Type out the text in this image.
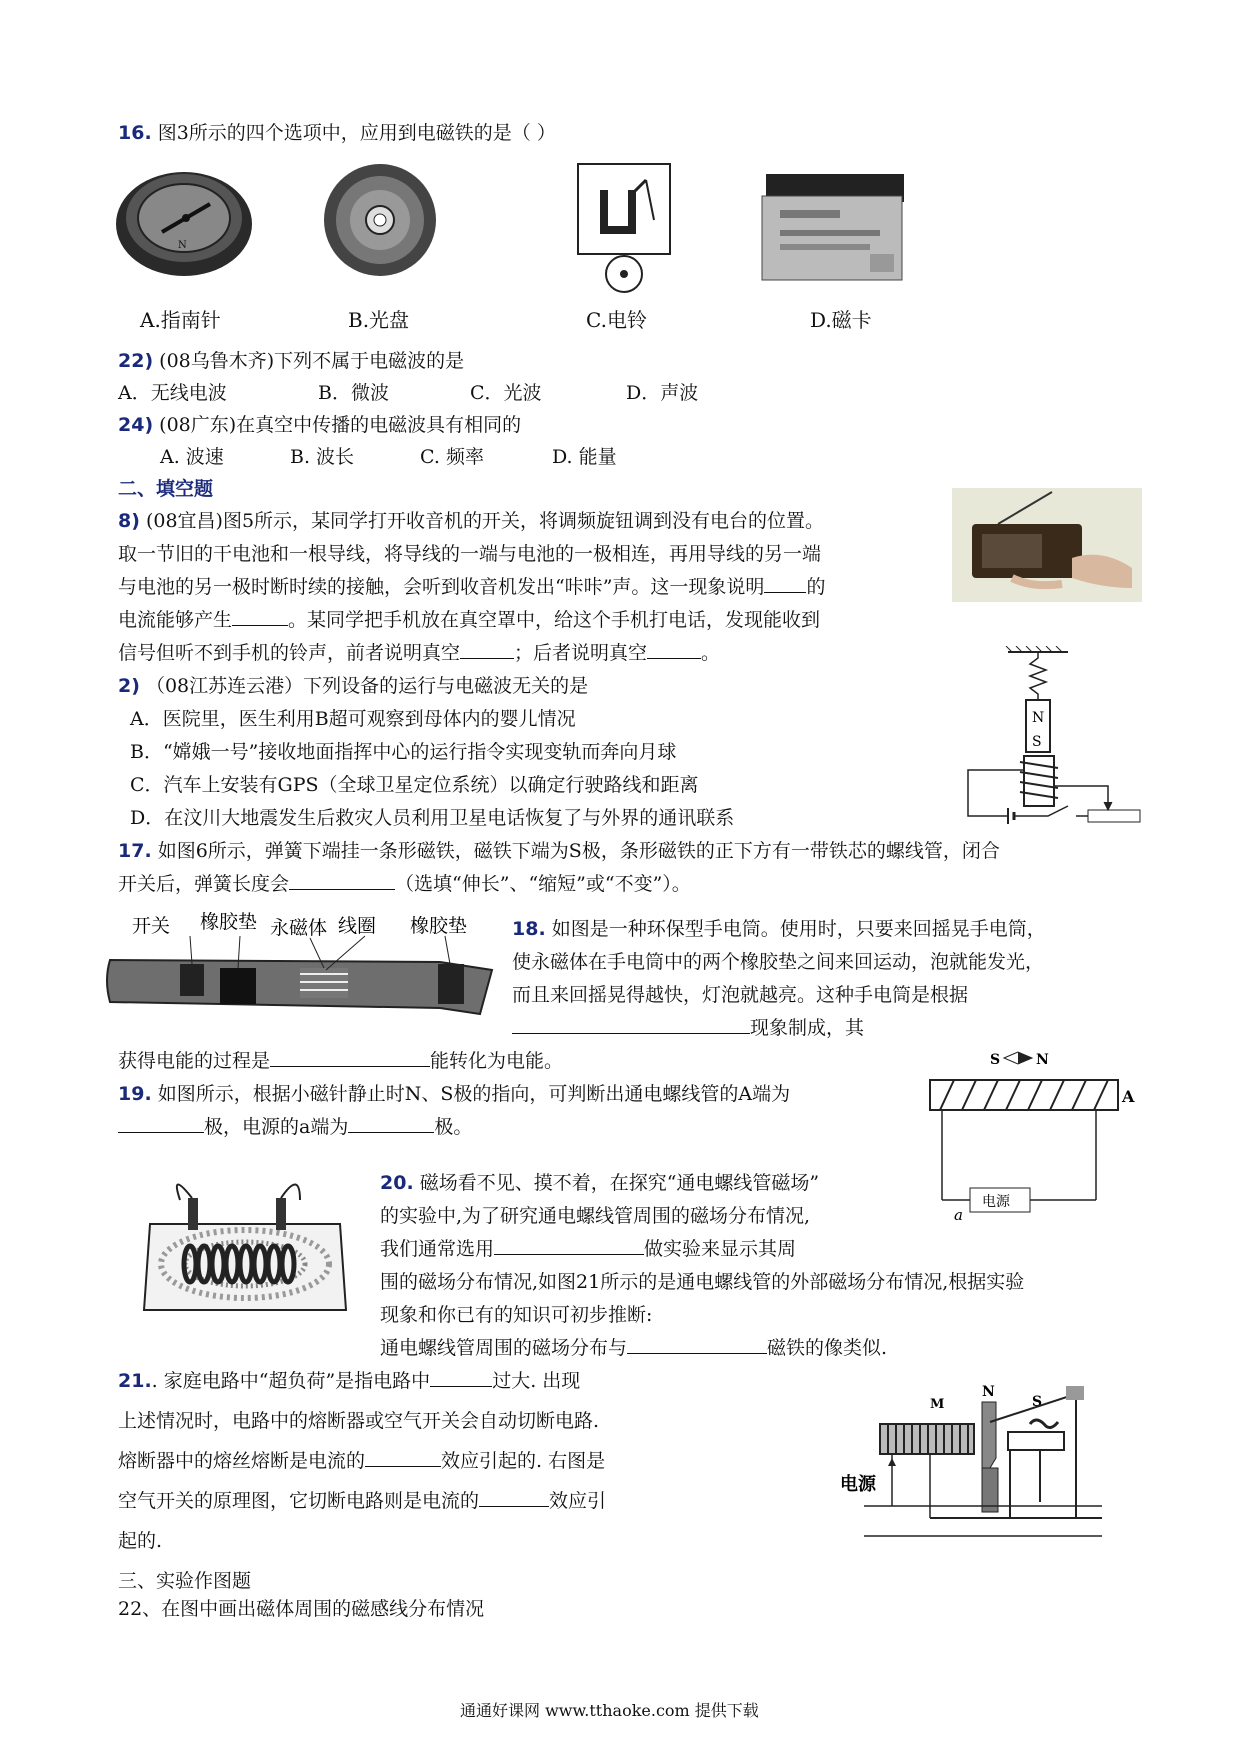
16. 图3所示的四个选项中，应用到电磁铁的是（ ）
N
A.指南针	B.光盘	C.电铃	D.磁卡
22) (08乌鲁木齐)下列不属于电磁波的是
A．无线电波	B．微波	C．光波	D．声波
24) (08广东)在真空中传播的电磁波具有相同的
A. 波速	B. 波长	C. 频率	D. 能量
二、填空题
8) (08宜昌)图5所示，某同学打开收音机的开关，将调频旋钮调到没有电台的位置。
取一节旧的干电池和一根导线，将导线的一端与电池的一极相连，再用导线的另一端
与电池的另一极时断时续的接触，会听到收音机发出“咔咔”声。这一现象说明 的
电流能够产生	。某同学把手机放在真空罩中，给这个手机打电话，发现能收到
信号但听不到手机的铃声，前者说明真空	；后者说明真空	。
2) （08江苏连云港）下列设备的运行与电磁波无关的是
A．医院里，医生利用B超可观察到母体内的婴儿情况
B．“嫦娥一号”接收地面指挥中心的运行指令实现变轨而奔向月球
C．汽车上安装有GPS（全球卫星定位系统）以确定行驶路线和距离
D．在汶川大地震发生后救灾人员利用卫星电话恢复了与外界的通讯联系
N
S
17. 如图6所示，弹簧下端挂一条形磁铁，磁铁下端为S极，条形磁铁的正下方有一带铁芯的螺线管，闭合
开关后，弹簧长度会	（选填“伸长”、“缩短”或“不变”）。
开关 橡胶垫 永磁体 线圈 橡胶垫 18. 如图是一种环保型手电筒。使用时，只要来回摇晃手电筒，
使永磁体在手电筒中的两个橡胶垫之间来回运动，泡就能发光，
而且来回摇晃得越快，灯泡就越亮。这种手电筒是根据
现象制成，其
获得电能的过程是	能转化为电能。
19. 如图所示，根据小磁针静止时N、S极的指向，可判断出通电螺线管的A端为
极，电源的a端为	极。
S	N
A
电源
a
20. 磁场看不见、摸不着，在探究“通电螺线管磁场”
的实验中,为了研究通电螺线管周围的磁场分布情况,
我们通常选用	做实验来显示其周
围的磁场分布情况,如图21所示的是通电螺线管的外部磁场分布情况,根据实验
现象和你已有的知识可初步推断:
通电螺线管周围的磁场分布与	磁铁的像类似.
21.. 家庭电路中“超负荷”是指电路中	过大. 出现
上述情况时，电路中的熔断器或空气开关会自动切断电路.
熔断器中的熔丝熔断是电流的	效应引起的. 右图是
空气开关的原理图，它切断电路则是电流的	效应引
起的.
M
N
S
电源
三、实验作图题
22、在图中画出磁体周围的磁感线分布情况
通通好课网 www.tthaoke.com 提供下载
